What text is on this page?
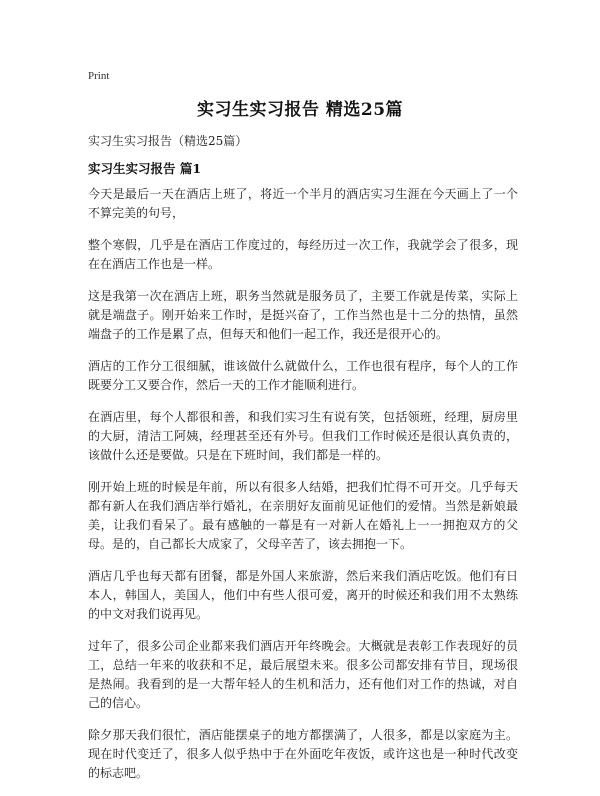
Print
实习生实习报告 精选25篇
实习生实习报告（精选25篇）
实习生实习报告 篇1

今天是最后一天在酒店上班了，将近一个半月的酒店实习生涯在今天画上了一个不算完美的句号，

整个寒假，几乎是在酒店工作度过的，每经历过一次工作，我就学会了很多，现在在酒店工作也是一样。

这是我第一次在酒店上班，职务当然就是服务员了，主要工作就是传菜，实际上就是端盘子。刚开始来工作时，是挺兴奋了，工作当然也是十二分的热情，虽然端盘子的工作是累了点，但每天和他们一起工作，我还是很开心的。

酒店的工作分工很细腻，谁该做什么就做什么，工作也很有程序，每个人的工作既要分工又要合作，然后一天的工作才能顺利进行。

在酒店里，每个人都很和善，和我们实习生有说有笑，包括领班，经理，厨房里的大厨，清洁工阿姨，经理甚至还有外号。但我们工作时候还是很认真负责的，该做什么还是要做。只是在下班时间，我们都是一样的。

刚开始上班的时候是年前，所以有很多人结婚，把我们忙得不可开交。几乎每天都有新人在我们酒店举行婚礼，在亲朋好友面前见证他们的爱情。当然是新娘最美，让我们看呆了。最有感触的一幕是有一对新人在婚礼上一一拥抱双方的父母。是的，自己都长大成家了，父母辛苦了，该去拥抱一下。

酒店几乎也每天都有团餐，都是外国人来旅游，然后来我们酒店吃饭。他们有日本人，韩国人，美国人，他们中有些人很可爱，离开的时候还和我们用不太熟练的中文对我们说再见。

过年了，很多公司企业都来我们酒店开年终晚会。大概就是表彰工作表现好的员工，总结一年来的收获和不足，最后展望未来。很多公司都安排有节目，现场很是热闹。我看到的是一大帮年轻人的生机和活力，还有他们对工作的热诚，对自己的信心。

除夕那天我们很忙，酒店能摆桌子的地方都摆满了，人很多，都是以家庭为主。现在时代变迁了，很多人似乎热中于在外面吃年夜饭，或许这也是一种时代改变的标志吧。
